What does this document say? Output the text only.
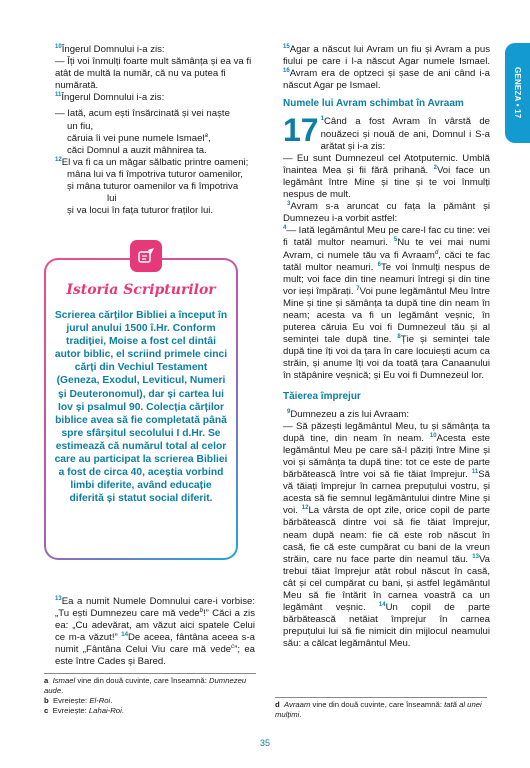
GENEZA • 17

$^{10}$Îngerul Domnului i-a zis:

— Îți voi înmulți foarte mult sămânța și ea va fi atât de multă la număr, că nu va putea fi numărată.

$^{11}$Îngerul Domnului i-a zis:

— Iată, acum ești însărcinată și vei naște

un fiu,

căruia îi vei pune numele Ismael$^a$,

căci Domnul a auzit mâhnirea ta.

$^{12}$El va fi ca un măgar sălbatic printre oameni;

mâna lui va fi împotriva tuturor oamenilor,

și mâna tuturor oamenilor va fi împotriva

lui

și va locui în fața tuturor fraților lui.

Istoria Scripturilor
Scrierea cărților Bibliei a început în jurul anului 1500 î.Hr. Conform tradiției, Moise a fost cel dintâi autor biblic, el scriind primele cinci cărți din Vechiul Testament (Geneza, Exodul, Leviticul, Numeri și Deuteronomul), dar și cartea lui Iov și psalmul 90. Colecția cărților biblice avea să fie completată până spre sfârșitul secolului I d.Hr. Se estimează că numărul total al celor care au participat la scrierea Bibliei a fost de circa 40, aceștia vorbind limbi diferite, având educație diferită și statut social diferit.

$^{13}$Ea a numit Numele Domnului care-i vorbise: „Tu ești Dumnezeu care mă vede$^b$!” Căci a zis ea: „Cu adevărat, am văzut aici spatele Celui ce m-a văzut!” $^{14}$De aceea, fântâna aceea s-a numit „Fântâna Celui Viu care mă vede$^c$”; ea este între Cades și Bared.

a Ismael vine din două cuvinte, care înseamnă: Dumnezeu aude.

b Evreiește: El-Roi.

c Evreiește: Lahai-Roi.

$^{15}$Agar a născut lui Avram un fiu și Avram a pus fiului pe care i l-a născut Agar numele Ismael. $^{16}$Avram era de optzeci și șase de ani când i-a născut Agar pe Ismael.

Numele lui Avram schimbat în Avraam

17 $^1$Când a fost Avram în vârstă de nouăzeci și nouă de ani, Domnul i S-a arătat și i-a zis:

— Eu sunt Dumnezeul cel Atotputernic. Umblă înaintea Mea și fii fără prihană. $^2$Voi face un legământ între Mine și tine și te voi înmulți nespus de mult.

$^3$Avram s-a aruncat cu fața la pământ și Dumnezeu i-a vorbit astfel:

$^4$— Iată legământul Meu pe care-l fac cu tine: vei fi tatăl multor neamuri. $^5$Nu te vei mai numi Avram, ci numele tău va fi Avraam$^d$, căci te fac tatăl multor neamuri. $^6$Te voi înmulți nespus de mult; voi face din tine neamuri întregi și din tine vor ieși împărați. $^7$Voi pune legământul Meu între Mine și tine și sămânța ta după tine din neam în neam; acesta va fi un legământ veșnic, în puterea căruia Eu voi fi Dumnezeul tău și al seminței tale după tine. $^8$Ție și seminței tale după tine îți voi da țara în care locuiești acum ca străin, și anume îți voi da toată țara Canaanului în stăpânire veșnică; și Eu voi fi Dumnezeul lor.

Tăierea împrejur

$^9$Dumnezeu a zis lui Avraam:

— Să păzești legământul Meu, tu și sămânța ta după tine, din neam în neam. $^{10}$Acesta este legământul Meu pe care să-l păziți între Mine și voi și sămânța ta după tine: tot ce este de parte bărbătească între voi să fie tăiat împrejur. $^{11}$Să vă tăiați împrejur în carnea prepuțului vostru, și acesta să fie semnul legământului dintre Mine și voi. $^{12}$La vârsta de opt zile, orice copil de parte bărbătească dintre voi să fie tăiat împrejur, neam după neam: fie că este rob născut în casă, fie că este cumpărat cu bani de la vreun străin, care nu face parte din neamul tău. $^{13}$Va trebui tăiat împrejur atât robul născut în casă, cât și cel cumpărat cu bani, și astfel legământul Meu să fie întărit în carnea voastră ca un legământ veșnic. $^{14}$Un copil de parte bărbătească netăiat împrejur în carnea prepuțului lui să fie nimicit din mijlocul neamului său: a călcat legământul Meu.

d Avraam vine din două cuvinte, care înseamnă: tată al unei mulțimi.

35
